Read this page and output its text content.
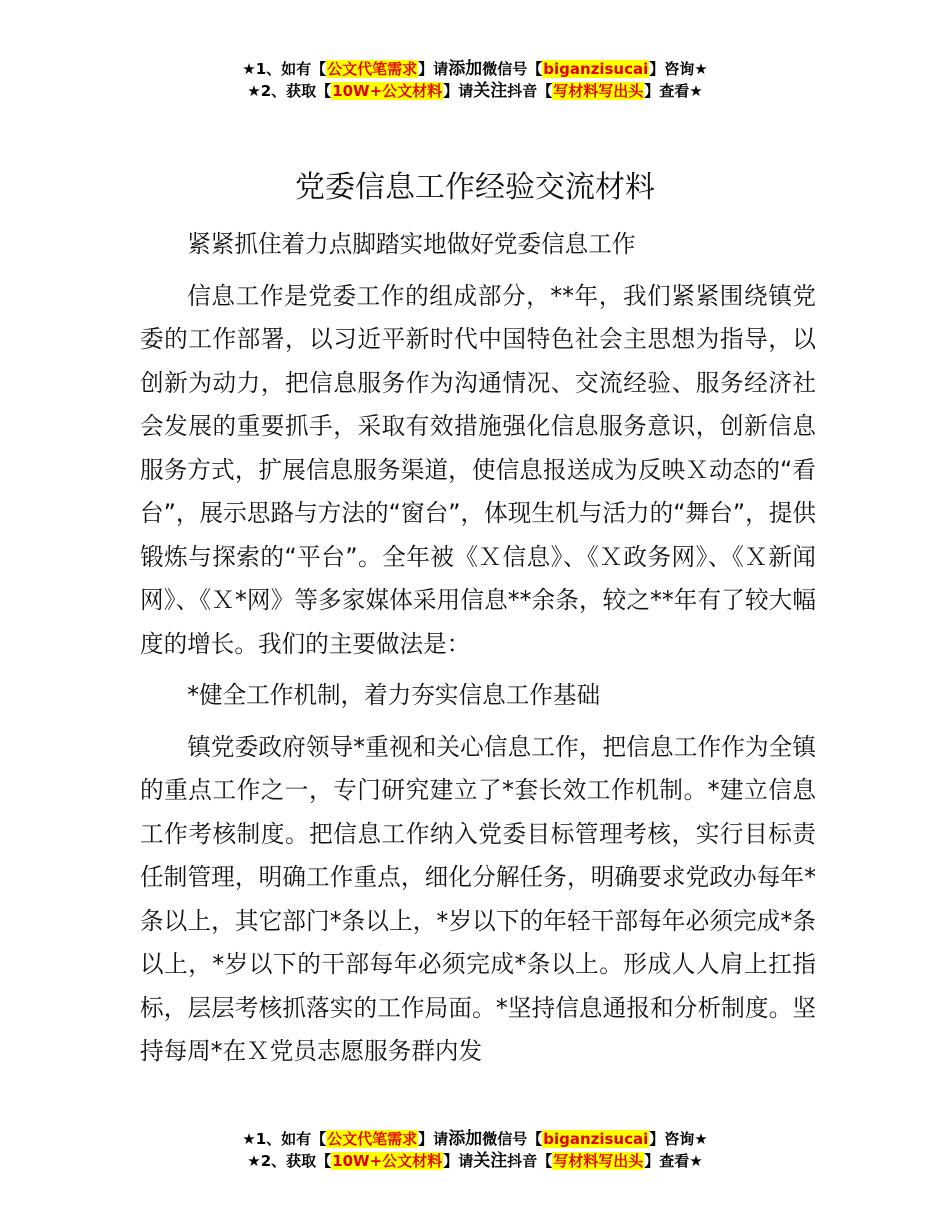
★1、如有【公文代笔需求】请添加微信号【biganzisucai】咨询★
★2、获取【10W+公文材料】请关注抖音【写材料写出头】查看★
党委信息工作经验交流材料

紧紧抓住着力点脚踏实地做好党委信息工作

信息工作是党委工作的组成部分，**年，我们紧紧围绕镇党委的工作部署，以习近平新时代中国特色社会主思想为指导，以创新为动力，把信息服务作为沟通情况、交流经验、服务经济社会发展的重要抓手，采取有效措施强化信息服务意识，创新信息服务方式，扩展信息服务渠道，使信息报送成为反映Ｘ动态的“看台”，展示思路与方法的“窗台”，体现生机与活力的“舞台”，提供锻炼与探索的“平台”。全年被《Ｘ信息》、《Ｘ政务网》、《Ｘ新闻网》、《Ｘ*网》等多家媒体采用信息**余条，较之**年有了较大幅度的增长。我们的主要做法是：

*健全工作机制，着力夯实信息工作基础

镇党委政府领导*重视和关心信息工作，把信息工作作为全镇的重点工作之一，专门研究建立了*套长效工作机制。*建立信息工作考核制度。把信息工作纳入党委目标管理考核，实行目标责任制管理，明确工作重点，细化分解任务，明确要求党政办每年*条以上，其它部门*条以上，*岁以下的年轻干部每年必须完成*条以上，*岁以下的干部每年必须完成*条以上。形成人人肩上扛指标，层层考核抓落实的工作局面。*坚持信息通报和分析制度。坚持每周*在Ｘ党员志愿服务群内发

★1、如有【公文代笔需求】请添加微信号【biganzisucai】咨询★
★2、获取【10W+公文材料】请关注抖音【写材料写出头】查看★
